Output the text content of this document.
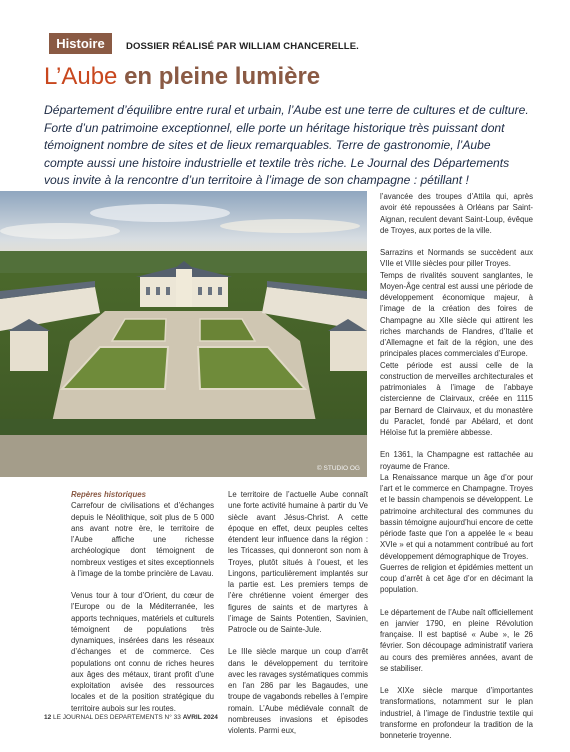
Histoire	DOSSIER RÉALISÉ PAR WILLIAM CHANCERELLE.
L’Aube en pleine lumière
Département d’équilibre entre rural et urbain, l’Aube est une terre de cultures et de culture. Forte d’un patrimoine exceptionnel, elle porte un héritage historique très puissant dont témoignent nombre de sites et de lieux remarquables. Terre de gastronomie, l’Aube compte aussi une histoire industrielle et textile très riche. Le Journal des Départements vous invite à la rencontre d’un territoire à l’image de son champagne : pétillant !
© STUDIO OG

Repères historiques

Carrefour de civilisations et d’échanges depuis le Néolithique, soit plus de 5 000 ans avant notre ère, le territoire de l’Aube affiche une richesse archéologique dont témoignent de nombreux vestiges et sites exceptionnels à l’image de la tombe princière de Lavau.

Venus tour à tour d’Orient, du cœur de l’Europe ou de la Méditerranée, les apports techniques, matériels et culturels témoignent de populations très dynamiques, insérées dans les réseaux d’échanges et de commerce. Ces populations ont connu de riches heures aux âges des métaux, tirant profit d’une exploitation avisée des ressources locales et de la position stratégique du territoire aubois sur les routes.

Le territoire de l’actuelle Aube connaît une forte activité humaine à partir du Ve siècle avant Jésus-Christ. A cette époque en effet, deux peuples celtes étendent leur influence dans la région : les Tricasses, qui donneront son nom à Troyes, plutôt situés à l’ouest, et les Lingons, particulièrement implantés sur la partie est. Les premiers temps de l’ère chrétienne voient émerger des figures de saints et de martyres à l’image de Saints Potentien, Savinien, Patrocle ou de Sainte-Jule.

Le IIIe siècle marque un coup d’arrêt dans le développement du territoire avec les ravages systématiques commis en l’an 286 par les Bagaudes, une troupe de vagabonds rebelles à l’empire romain. L’Aube médiévale connaît de nombreuses invasions et épisodes violents. Parmi eux,

l’avancée des troupes d’Attila qui, après avoir été repoussées à Orléans par Saint-Aignan, reculent devant Saint-Loup, évêque de Troyes, aux portes de la ville.

Sarrazins et Normands se succèdent aux VIIe et VIIIe siècles pour piller Troyes.

Temps de rivalités souvent sanglantes, le Moyen-Âge central est aussi une période de développement économique majeur, à l’image de la création des foires de Champagne au XIIe siècle qui attirent les riches marchands de Flandres, d’Italie et d’Allemagne et fait de la région, une des principales places commerciales d’Europe.

Cette période est aussi celle de la construction de merveilles architecturales et patrimoniales à l’image de l’abbaye cistercienne de Clairvaux, créée en 1115 par Bernard de Clairvaux, et du monastère du Paraclet, fondé par Abélard, et dont Héloïse fut la première abbesse.

En 1361, la Champagne est rattachée au royaume de France.

La Renaissance marque un âge d’or pour l’art et le commerce en Champagne. Troyes et le bassin champenois se développent. Le patrimoine architectural des communes du bassin témoigne aujourd’hui encore de cette période faste que l’on a appelée le « beau XVIe » et qui a notamment contribué au fort développement démographique de Troyes.

Guerres de religion et épidémies mettent un coup d’arrêt à cet âge d’or en décimant la population.

Le département de l’Aube naît officiellement en janvier 1790, en pleine Révolution française. Il est baptisé « Aube », le 26 février. Son découpage administratif variera au cours des premières années, avant de se stabiliser.

Le XIXe siècle marque d’importantes transformations, notamment sur le plan industriel, à l’image de l’industrie textile qui transforme en profondeur la tradition de la bonneterie troyenne.

12 LE JOURNAL DES DEPARTEMENTS N° 33 AVRIL 2024
